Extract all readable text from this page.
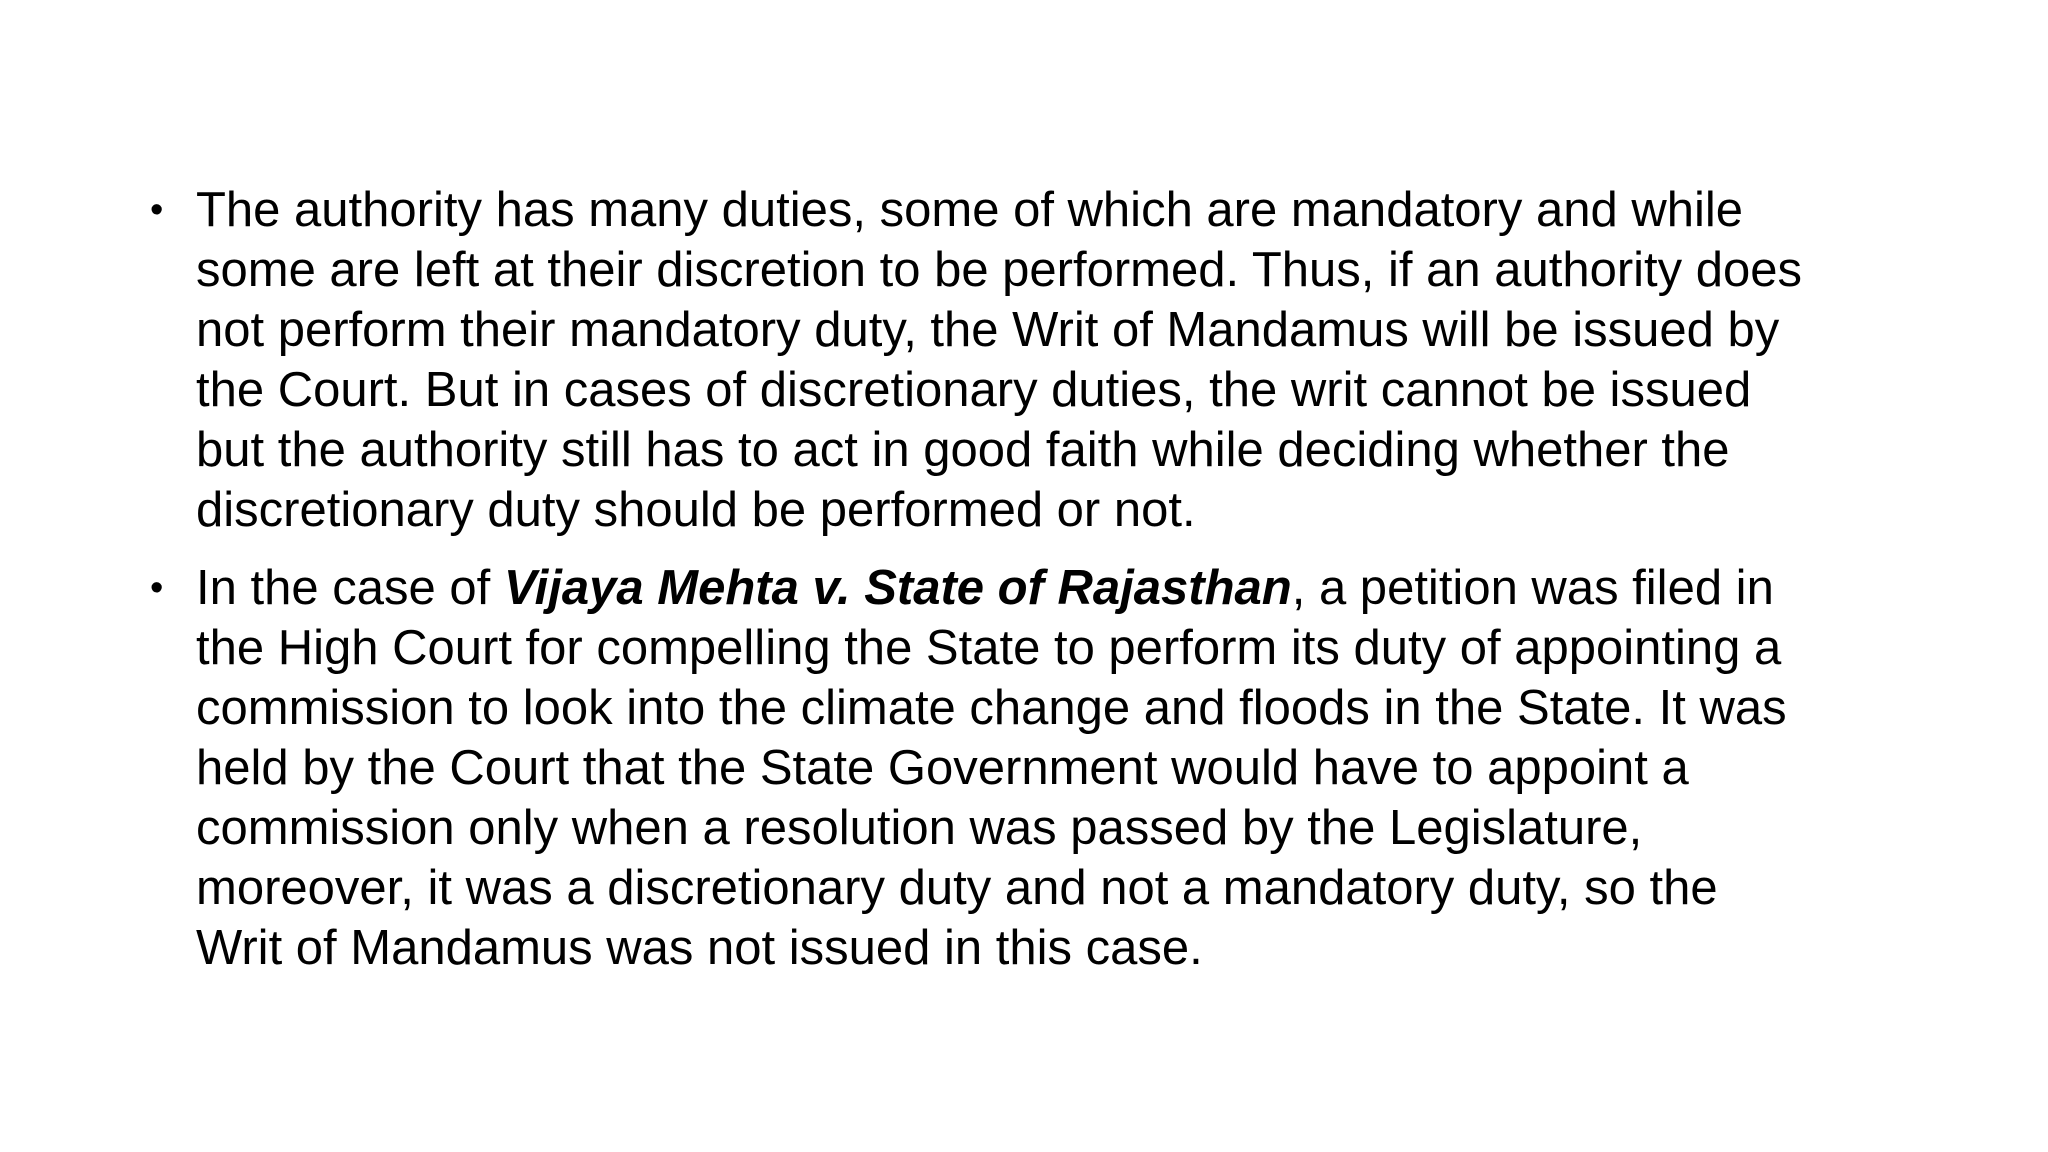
• The authority has many duties, some of which are mandatory and while
some are left at their discretion to be performed. Thus, if an authority does
not perform their mandatory duty, the Writ of Mandamus will be issued by
the Court. But in cases of discretionary duties, the writ cannot be issued
but the authority still has to act in good faith while deciding whether the
discretionary duty should be performed or not.
• In the case of Vijaya Mehta v. State of Rajasthan, a petition was filed in
the High Court for compelling the State to perform its duty of appointing a
commission to look into the climate change and floods in the State. It was
held by the Court that the State Government would have to appoint a
commission only when a resolution was passed by the Legislature,
moreover, it was a discretionary duty and not a mandatory duty, so the
Writ of Mandamus was not issued in this case.
